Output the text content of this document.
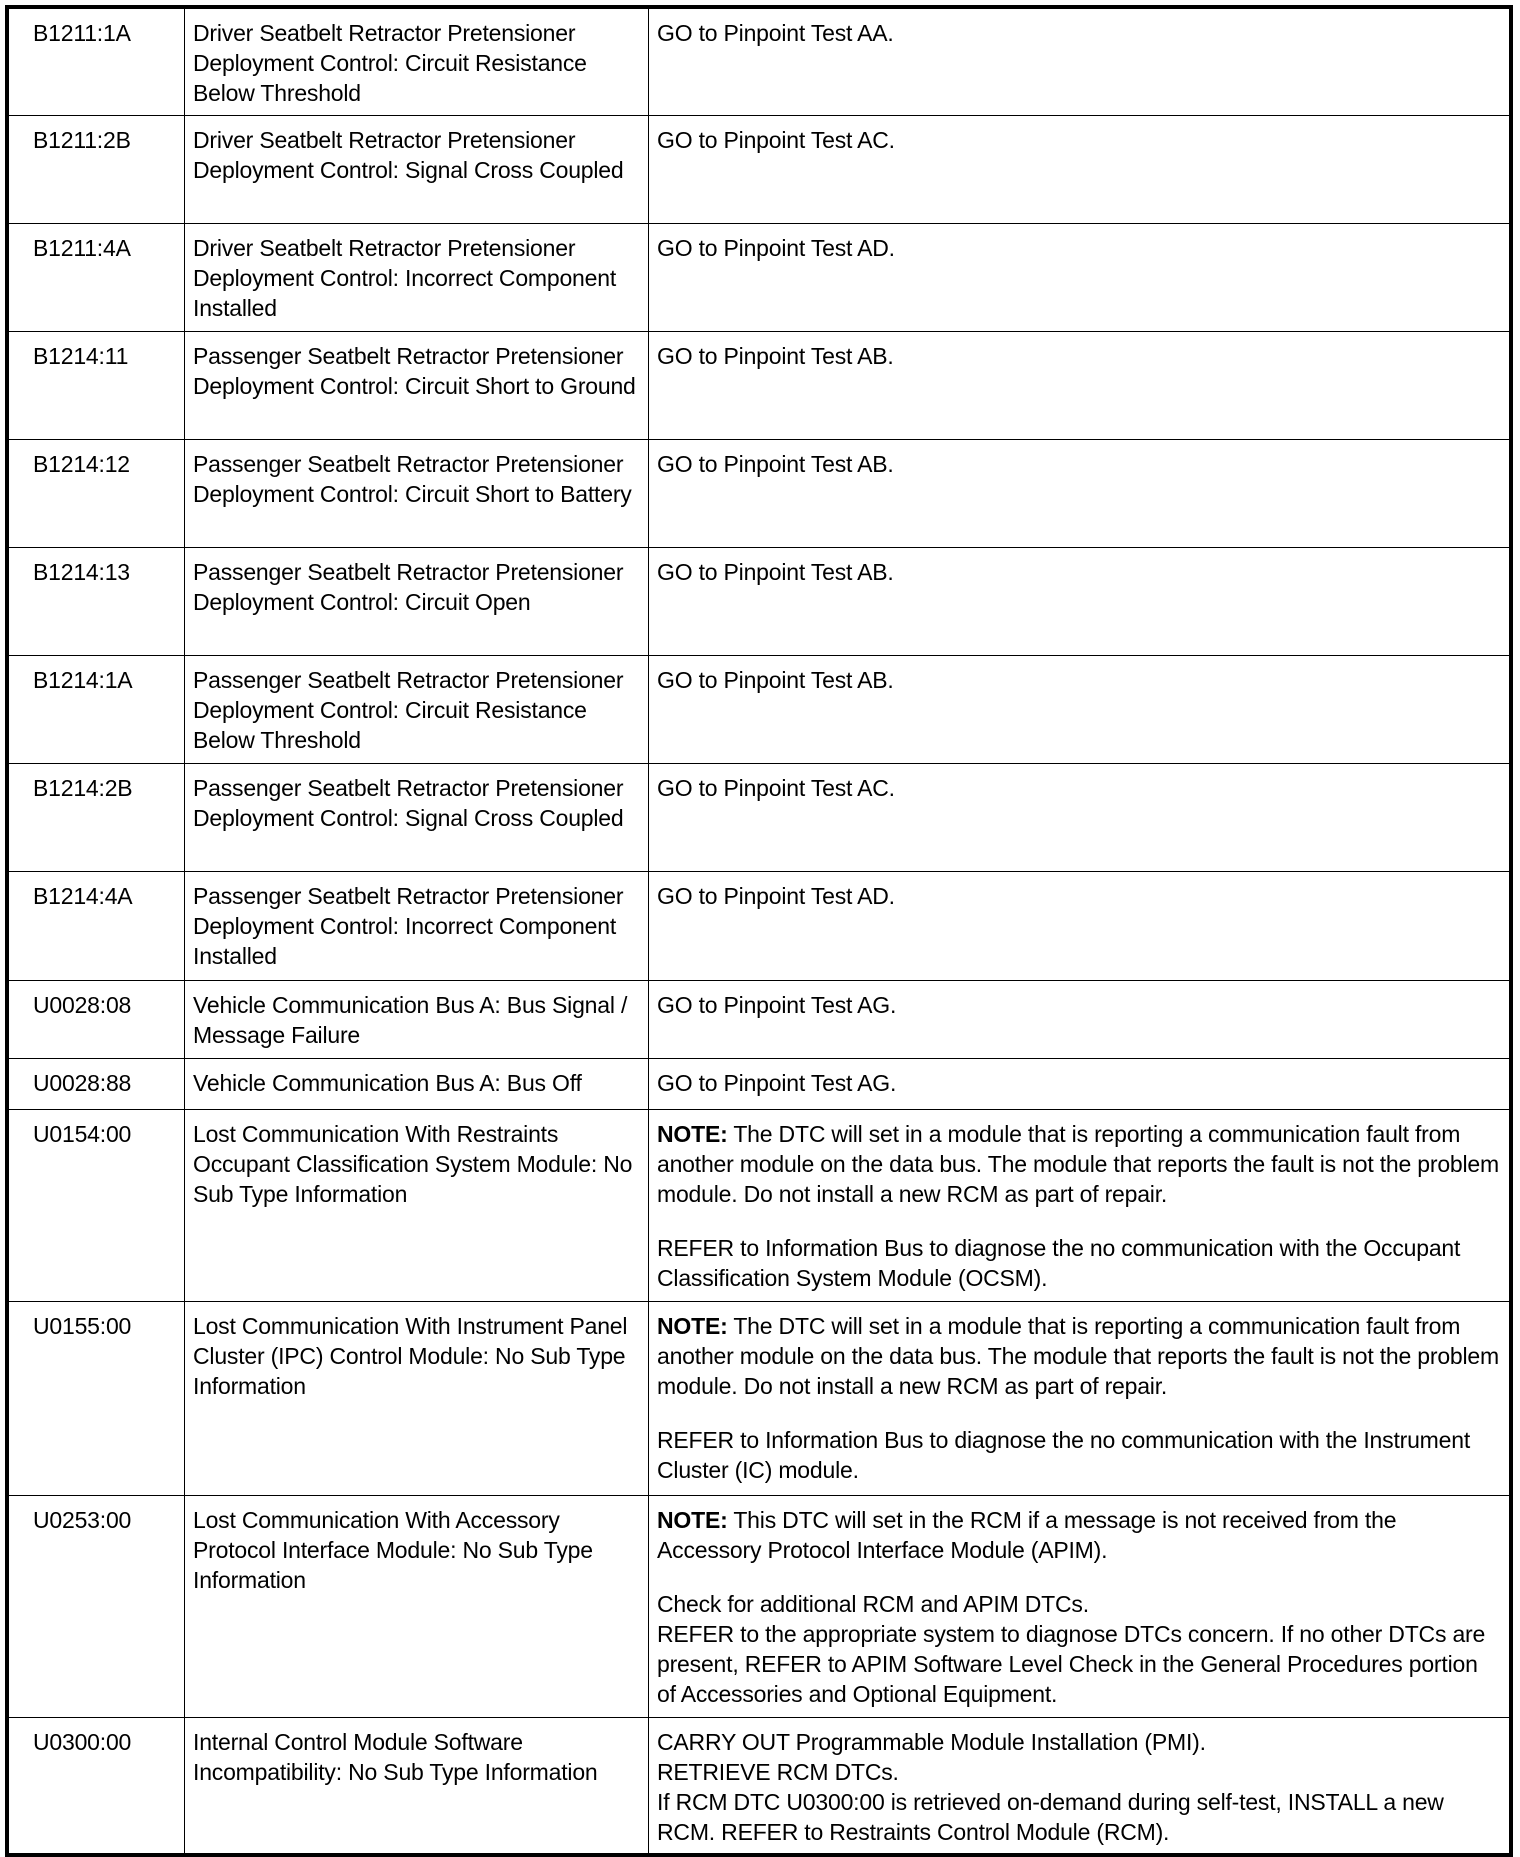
B1211:1A	Driver Seatbelt Retractor Pretensioner Deployment Control: Circuit Resistance Below Threshold	GO to Pinpoint Test AA.

B1211:2B	Driver Seatbelt Retractor Pretensioner Deployment Control: Signal Cross Coupled	GO to Pinpoint Test AC.

B1211:4A	Driver Seatbelt Retractor Pretensioner Deployment Control: Incorrect Component Installed	GO to Pinpoint Test AD.

B1214:11	Passenger Seatbelt Retractor Pretensioner Deployment Control: Circuit Short to Ground	GO to Pinpoint Test AB.

B1214:12	Passenger Seatbelt Retractor Pretensioner Deployment Control: Circuit Short to Battery	GO to Pinpoint Test AB.

B1214:13	Passenger Seatbelt Retractor Pretensioner Deployment Control: Circuit Open	GO to Pinpoint Test AB.

B1214:1A	Passenger Seatbelt Retractor Pretensioner Deployment Control: Circuit Resistance Below Threshold	GO to Pinpoint Test AB.

B1214:2B	Passenger Seatbelt Retractor Pretensioner Deployment Control: Signal Cross Coupled	GO to Pinpoint Test AC.

B1214:4A	Passenger Seatbelt Retractor Pretensioner Deployment Control: Incorrect Component Installed	GO to Pinpoint Test AD.

U0028:08	Vehicle Communication Bus A: Bus Signal / Message Failure	GO to Pinpoint Test AG.

U0028:88	Vehicle Communication Bus A: Bus Off	GO to Pinpoint Test AG.

U0154:00	Lost Communication With Restraints Occupant Classification System Module: No Sub Type Information	NOTE: The DTC will set in a module that is reporting a communication fault from another module on the data bus. The module that reports the fault is not the problem module. Do not install a new RCM as part of repair.

REFER to Information Bus to diagnose the no communication with the Occupant Classification System Module (OCSM).

U0155:00	Lost Communication With Instrument Panel Cluster (IPC) Control Module: No Sub Type Information	NOTE: The DTC will set in a module that is reporting a communication fault from another module on the data bus. The module that reports the fault is not the problem module. Do not install a new RCM as part of repair.

REFER to Information Bus to diagnose the no communication with the Instrument Cluster (IC) module.

U0253:00	Lost Communication With Accessory Protocol Interface Module: No Sub Type Information	NOTE: This DTC will set in the RCM if a message is not received from the Accessory Protocol Interface Module (APIM).

Check for additional RCM and APIM DTCs.

REFER to the appropriate system to diagnose DTCs concern. If no other DTCs are present, REFER to APIM Software Level Check in the General Procedures portion of Accessories and Optional Equipment.

U0300:00	Internal Control Module Software Incompatibility: No Sub Type Information	CARRY OUT Programmable Module Installation (PMI).

RETRIEVE RCM DTCs.

If RCM DTC U0300:00 is retrieved on-demand during self-test, INSTALL a new RCM. REFER to Restraints Control Module (RCM).
